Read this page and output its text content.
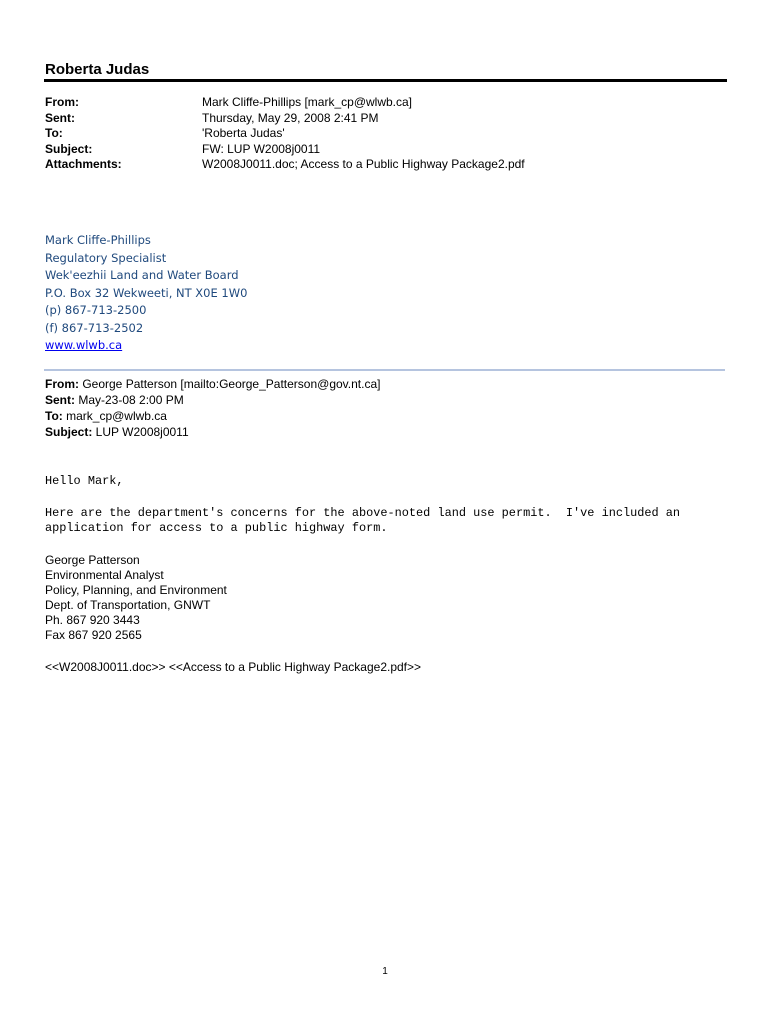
Roberta Judas
From:	Mark Cliffe-Phillips [mark_cp@wlwb.ca]
Sent:	Thursday, May 29, 2008 2:41 PM
To:	'Roberta Judas'
Subject:	FW: LUP W2008j0011
Attachments:	W2008J0011.doc; Access to a Public Highway Package2.pdf
Mark Cliffe-Phillips
Regulatory Specialist
Wek'eezhii Land and Water Board
P.O. Box 32 Wekweeti, NT X0E 1W0
(p) 867-713-2500
(f) 867-713-2502
www.wlwb.ca
From: George Patterson [mailto:George_Patterson@gov.nt.ca]
Sent: May-23-08 2:00 PM
To: mark_cp@wlwb.ca
Subject: LUP W2008j0011
Hello Mark,
Here are the department's concerns for the above-noted land use permit.  I've included an
application for access to a public highway form.
George Patterson
Environmental Analyst
Policy, Planning, and Environment
Dept. of Transportation, GNWT
Ph. 867 920 3443
Fax 867 920 2565
<<W2008J0011.doc>> <<Access to a Public Highway Package2.pdf>>
1
